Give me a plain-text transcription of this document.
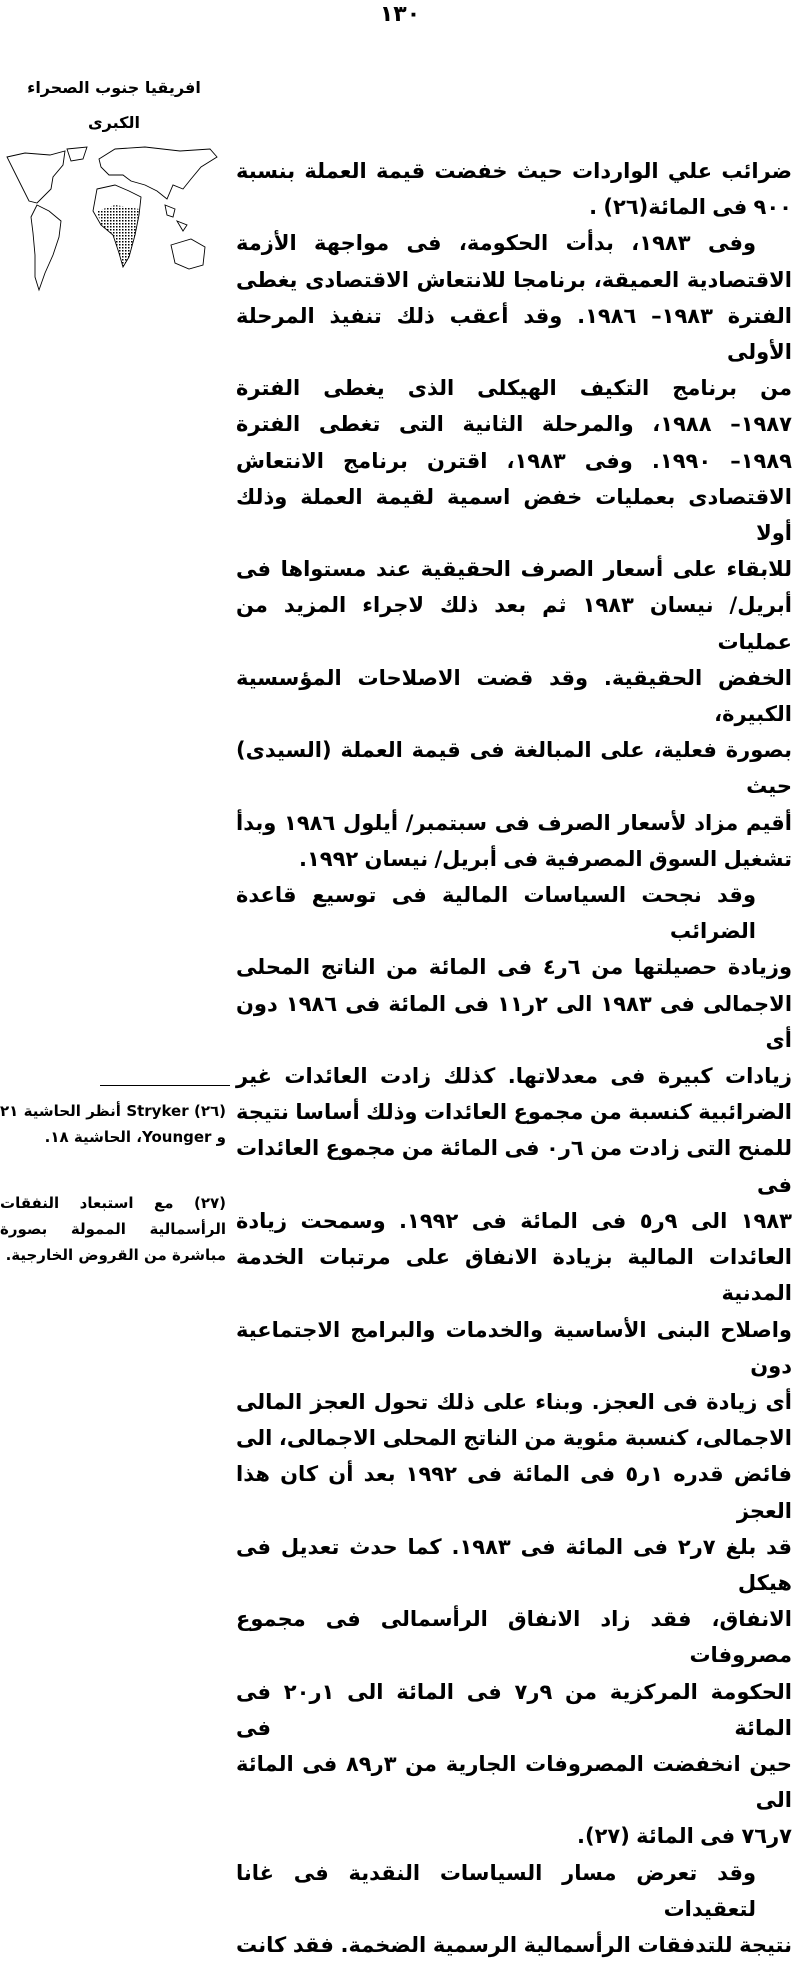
١٣٠
افريقيا جنوب الصحراء
الكبرى
ضرائب علي الواردات حيث خفضت قيمة العملة بنسبة
٩٠٠ فى المائة(٢٦) .
وفى ١٩٨٣، بدأت الحكومة، فى مواجهة الأزمة
الاقتصادية العميقة، برنامجا للانتعاش الاقتصادى يغطى
الفترة ١٩٨٣– ١٩٨٦. وقد أعقب ذلك تنفيذ المرحلة الأولى
من برنامج التكيف الهيكلى الذى يغطى الفترة
١٩٨٧– ١٩٨٨، والمرحلة الثانية التى تغطى الفترة
١٩٨٩– ١٩٩٠. وفى ١٩٨٣، اقترن برنامج الانتعاش
الاقتصادى بعمليات خفض اسمية لقيمة العملة وذلك أولا
للابقاء على أسعار الصرف الحقيقية عند مستواها فى
أبريل/ نيسان ١٩٨٣ ثم بعد ذلك لاجراء المزيد من عمليات
الخفض الحقيقية. وقد قضت الاصلاحات المؤسسية الكبيرة،
بصورة فعلية، على المبالغة فى قيمة العملة (السيدى) حيث
أقيم مزاد لأسعار الصرف فى سبتمبر/ أيلول ١٩٨٦ وبدأ
تشغيل السوق المصرفية فى أبريل/ نيسان ١٩٩٢.
وقد نجحت السياسات المالية فى توسيع قاعدة الضرائب
وزيادة حصيلتها من ٦ر٤ فى المائة من الناتج المحلى
الاجمالى فى ١٩٨٣ الى ٢ر١١ فى المائة فى ١٩٨٦ دون أى
زيادات كبيرة فى معدلاتها. كذلك زادت العائدات غير
الضرائبية كنسبة من مجموع العائدات وذلك أساسا نتيجة
للمنح التى زادت من ٦ر٠ فى المائة من مجموع العائدات فى
١٩٨٣ الى ٩ر٥ فى المائة فى ١٩٩٢. وسمحت زيادة
العائدات المالية بزيادة الانفاق على مرتبات الخدمة المدنية
واصلاح البنى الأساسية والخدمات والبرامج الاجتماعية دون
أى زيادة فى العجز. وبناء على ذلك تحول العجز المالى
الاجمالى، كنسبة مئوية من الناتج المحلى الاجمالى، الى
فائض قدره ١ر٥ فى المائة فى ١٩٩٢ بعد أن كان هذا العجز
قد بلغ ٧ر٢ فى المائة فى ١٩٨٣. كما حدث تعديل فى هيكل
الانفاق، فقد زاد الانفاق الرأسمالى فى مجموع مصروفات
الحكومة المركزية من ٩ر٧ فى المائة الى ١ر٢٠ فى المائة فى
حين انخفضت المصروفات الجارية من ٣ر٨٩ فى المائة الى
٧ر٧٦ فى المائة (٢٧).
وقد تعرض مسار السياسات النقدية فى غانا لتعقيدات
نتيجة للتدفقات الرأسمالية الرسمية الضخمة. فقد كانت
(٢٦) Stryker أنظر الحاشية ٢١ و Younger، الحاشية ١٨.
(٢٧) مع استبعاد النفقات الرأسمالية الممولة بصورة مباشرة من القروض الخارجية.
